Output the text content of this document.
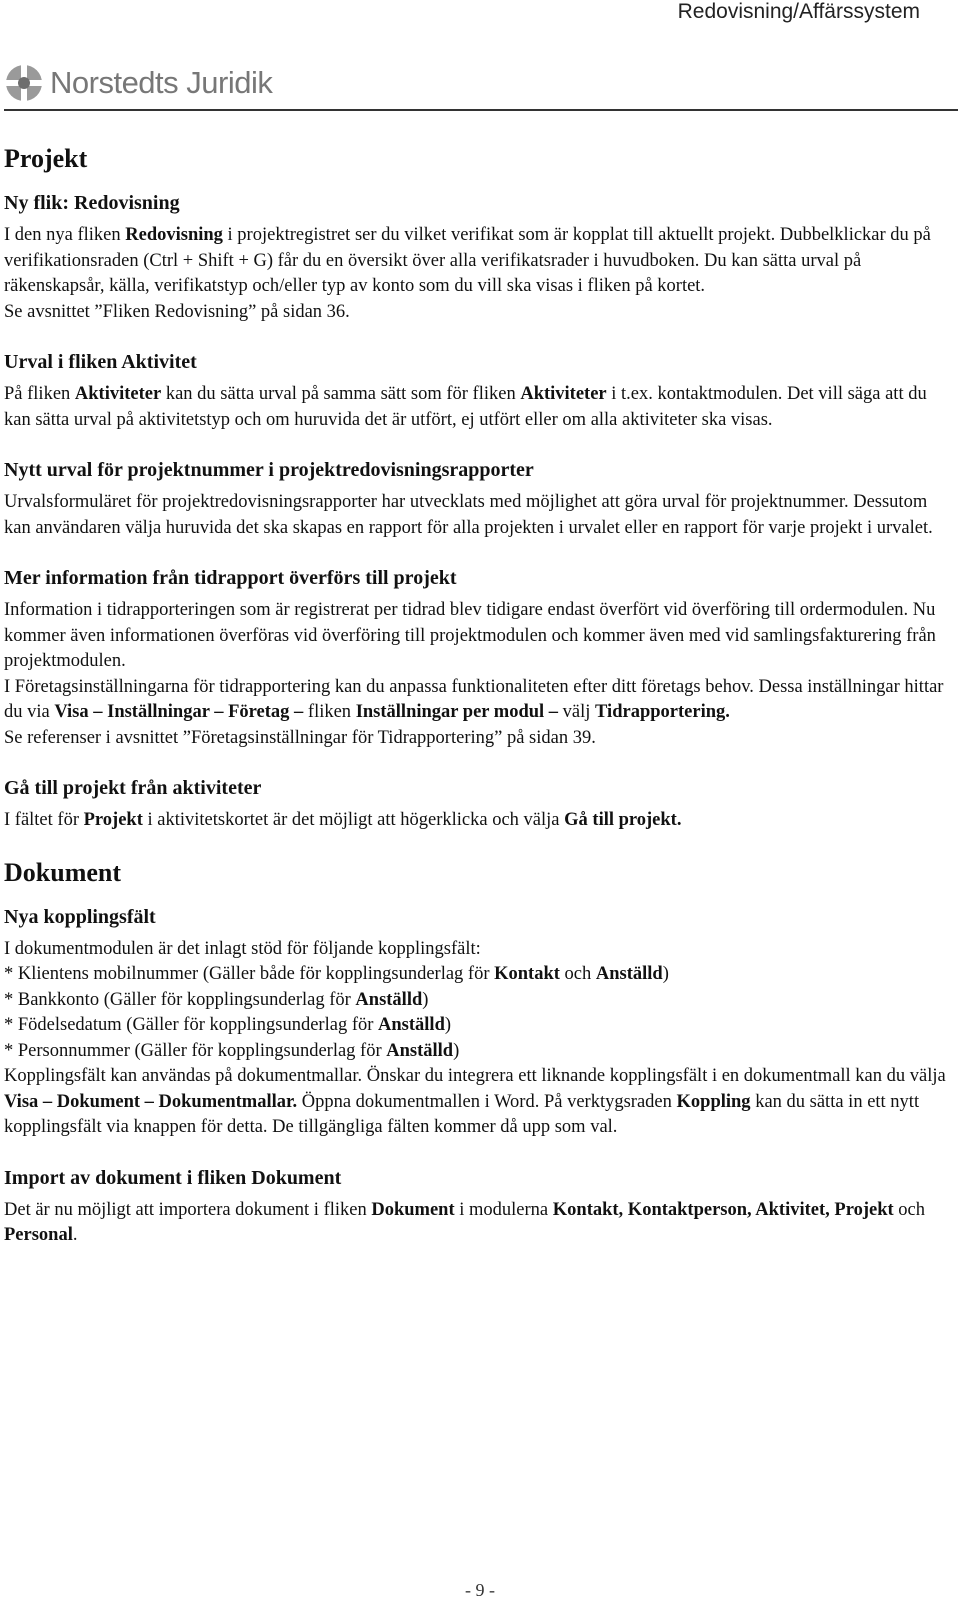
Redovisning/Affärssystem
Norstedts Juridik
Projekt
Ny flik: Redovisning

I den nya fliken Redovisning i projektregistret ser du vilket verifikat som är kopplat till aktuellt projekt. Dubbelklickar du på verifikationsraden (Ctrl + Shift + G) får du en översikt över alla verifikatsrader i huvudboken. Du kan sätta urval på räkenskapsår, källa, verifikatstyp och/eller typ av konto som du vill ska visas i fliken på kortet.

Se avsnittet ”Fliken Redovisning” på sidan 36.

Urval i fliken Aktivitet

På fliken Aktiviteter kan du sätta urval på samma sätt som för fliken Aktiviteter i t.ex. kontaktmodulen. Det vill säga att du kan sätta urval på aktivitetstyp och om huruvida det är utfört, ej utfört eller om alla aktiviteter ska visas.

Nytt urval för projektnummer i projektredovisningsrapporter

Urvalsformuläret för projektredovisningsrapporter har utvecklats med möjlighet att göra urval för projektnummer. Dessutom kan användaren välja huruvida det ska skapas en rapport för alla projekten i urvalet eller en rapport för varje projekt i urvalet.

Mer information från tidrapport överförs till projekt

Information i tidrapporteringen som är registrerat per tidrad blev tidigare endast överfört vid överföring till ordermodulen. Nu kommer även informationen överföras vid överföring till projektmodulen och kommer även med vid samlingsfakturering från projektmodulen.

I Företagsinställningarna för tidrapportering kan du anpassa funktionaliteten efter ditt företags behov. Dessa inställningar hittar du via Visa – Inställningar – Företag – fliken Inställningar per modul – välj Tidrapportering.

Se referenser i avsnittet ”Företagsinställningar för Tidrapportering” på sidan 39.

Gå till projekt från aktiviteter

I fältet för Projekt i aktivitetskortet är det möjligt att högerklicka och välja Gå till projekt.

Dokument
Nya kopplingsfält

I dokumentmodulen är det inlagt stöd för följande kopplingsfält:

* Klientens mobilnummer (Gäller både för kopplingsunderlag för Kontakt och Anställd)

* Bankkonto (Gäller för kopplingsunderlag för Anställd)

* Födelsedatum (Gäller för kopplingsunderlag för Anställd)

* Personnummer (Gäller för kopplingsunderlag för Anställd)

Kopplingsfält kan användas på dokumentmallar. Önskar du integrera ett liknande kopplingsfält i en dokumentmall kan du välja Visa – Dokument – Dokumentmallar. Öppna dokumentmallen i Word. På verktygsraden Koppling kan du sätta in ett nytt kopplingsfält via knappen för detta. De tillgängliga fälten kommer då upp som val.

Import av dokument i fliken Dokument

Det är nu möjligt att importera dokument i fliken Dokument i modulerna Kontakt, Kontaktperson, Aktivitet, Projekt och Personal.

- 9 -
